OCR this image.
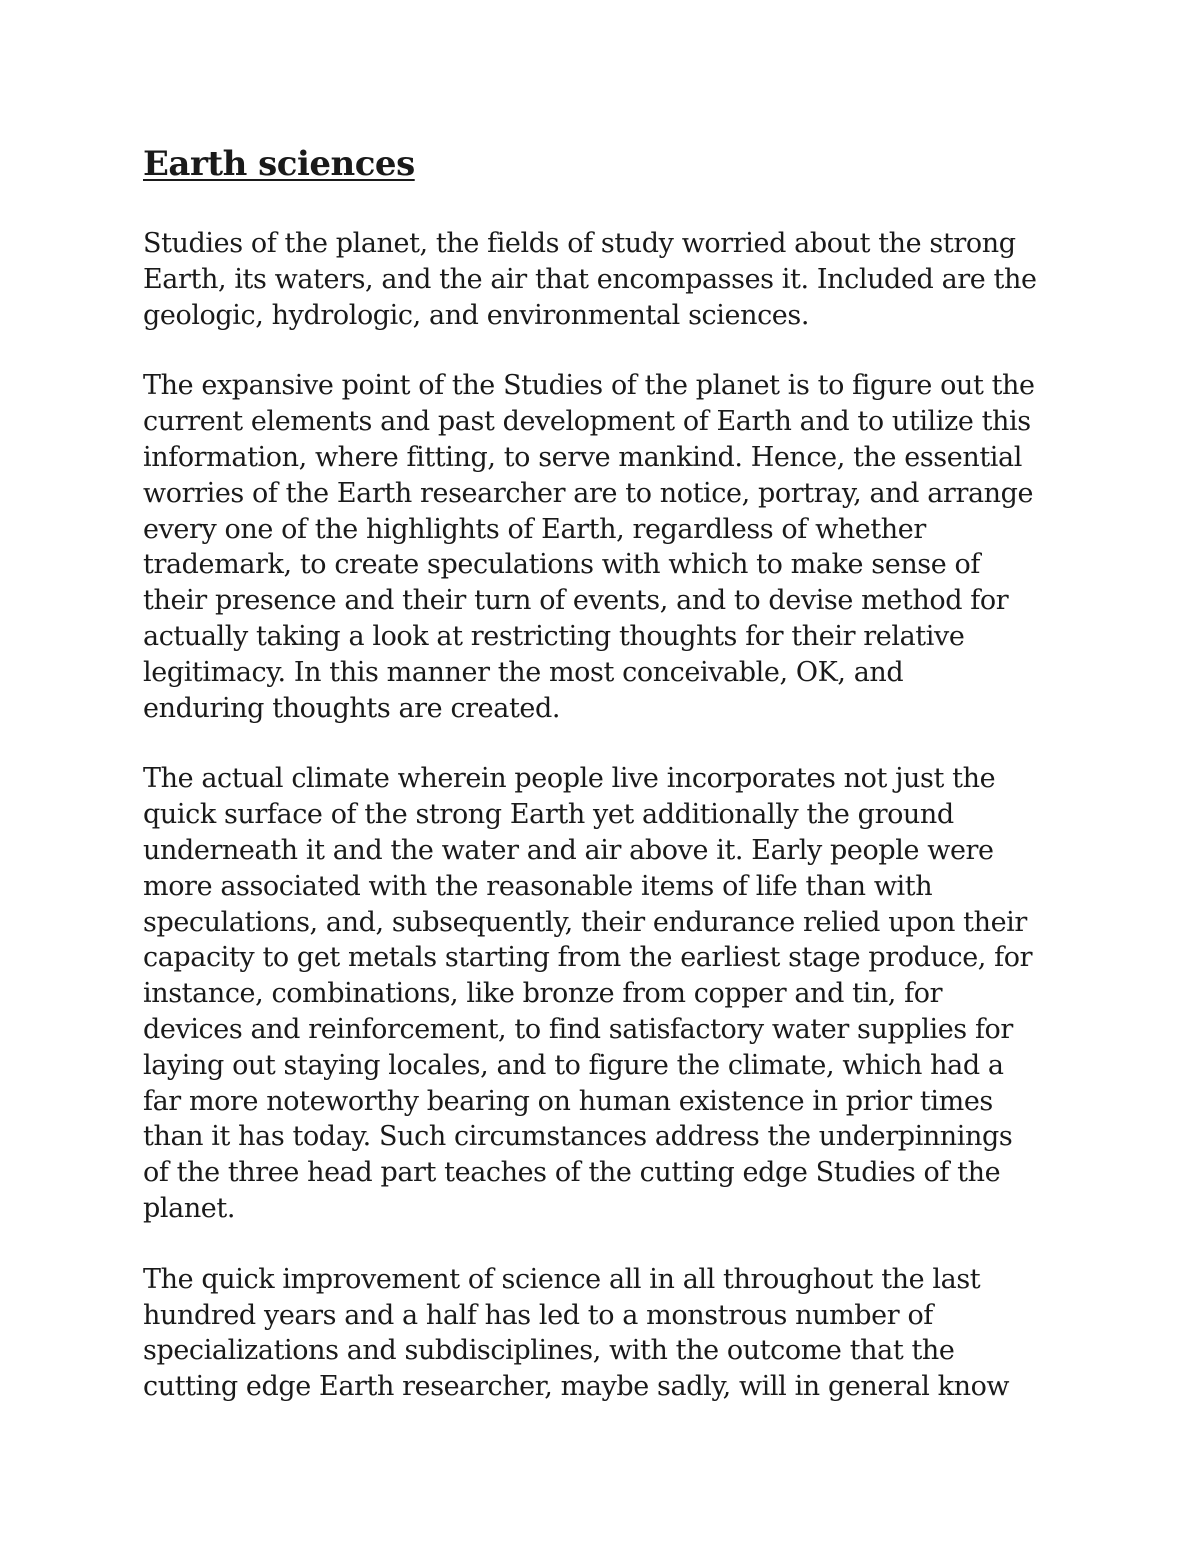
Earth sciences

Studies of the planet, the fields of study worried about the strong
Earth, its waters, and the air that encompasses it. Included are the
geologic, hydrologic, and environmental sciences.

The expansive point of the Studies of the planet is to figure out the
current elements and past development of Earth and to utilize this
information, where fitting, to serve mankind. Hence, the essential
worries of the Earth researcher are to notice, portray, and arrange
every one of the highlights of Earth, regardless of whether
trademark, to create speculations with which to make sense of
their presence and their turn of events, and to devise method for
actually taking a look at restricting thoughts for their relative
legitimacy. In this manner the most conceivable, OK, and
enduring thoughts are created.

The actual climate wherein people live incorporates not just the
quick surface of the strong Earth yet additionally the ground
underneath it and the water and air above it. Early people were
more associated with the reasonable items of life than with
speculations, and, subsequently, their endurance relied upon their
capacity to get metals starting from the earliest stage produce, for
instance, combinations, like bronze from copper and tin, for
devices and reinforcement, to find satisfactory water supplies for
laying out staying locales, and to figure the climate, which had a
far more noteworthy bearing on human existence in prior times
than it has today. Such circumstances address the underpinnings
of the three head part teaches of the cutting edge Studies of the
planet.

The quick improvement of science all in all throughout the last
hundred years and a half has led to a monstrous number of
specializations and subdisciplines, with the outcome that the
cutting edge Earth researcher, maybe sadly, will in general know
